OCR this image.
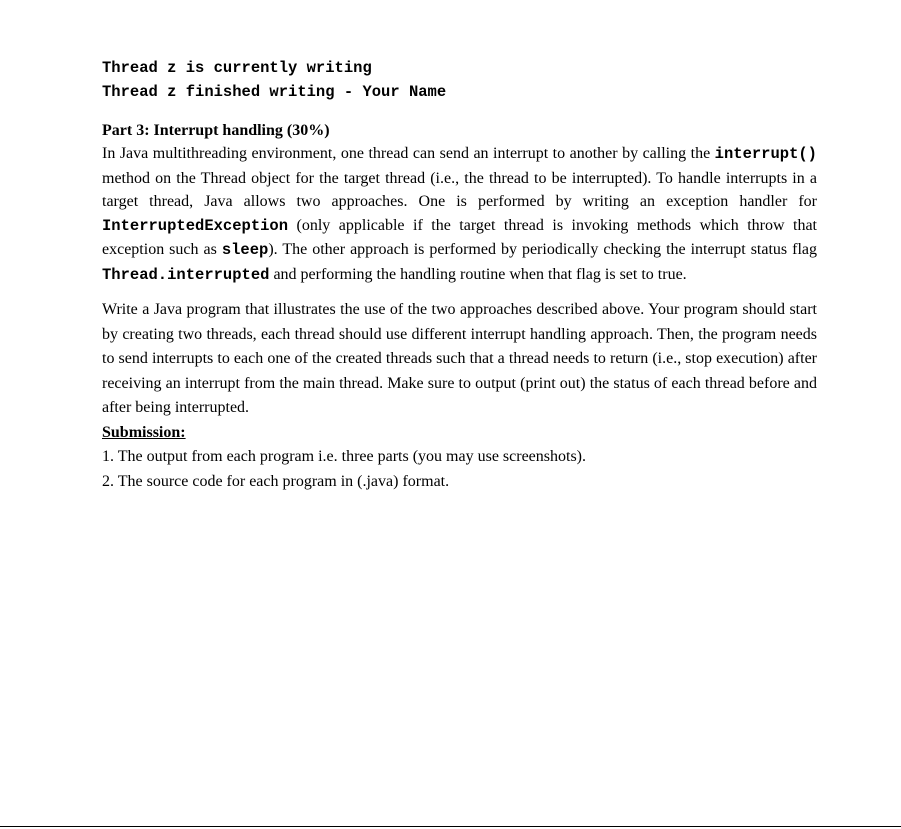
Thread z is currently writing
Thread z finished writing - Your Name
Part 3: Interrupt handling (30%)

In Java multithreading environment, one thread can send an interrupt to another by calling the interrupt() method on the Thread object for the target thread (i.e., the thread to be interrupted). To handle interrupts in a target thread, Java allows two approaches. One is performed by writing an exception handler for InterruptedException (only applicable if the target thread is invoking methods which throw that exception such as sleep). The other approach is performed by periodically checking the interrupt status flag Thread.interrupted and performing the handling routine when that flag is set to true.

Write a Java program that illustrates the use of the two approaches described above. Your program should start by creating two threads, each thread should use different interrupt handling approach. Then, the program needs to send interrupts to each one of the created threads such that a thread needs to return (i.e., stop execution) after receiving an interrupt from the main thread. Make sure to output (print out) the status of each thread before and after being interrupted.
Submission:
1. The output from each program i.e. three parts (you may use screenshots).
2. The source code for each program in (.java) format.
